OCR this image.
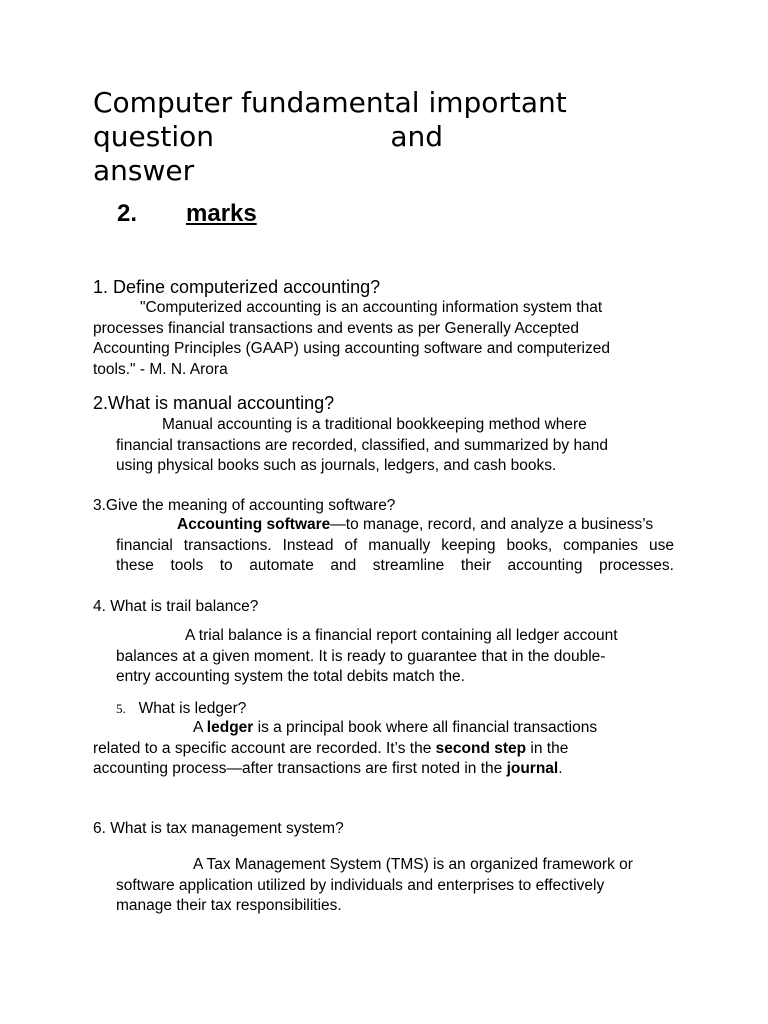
Computer fundamental important
question	and
answer
2. marks
1. Define computerized accounting?
"Computerized accounting is an accounting information system that
processes financial transactions and events as per Generally Accepted
Accounting Principles (GAAP) using accounting software and computerized
tools." - M. N. Arora
2.What is manual accounting?
Manual accounting is a traditional bookkeeping method where
financial transactions are recorded, classified, and summarized by hand
using physical books such as journals, ledgers, and cash books.
3.Give the meaning of accounting software?
Accounting software—to manage, record, and analyze a business’s
financial transactions. Instead of manually keeping books, companies use
these tools to automate and streamline their accounting processes.
4. What is trail balance?
A trial balance is a financial report containing all ledger account
balances at a given moment. It is ready to guarantee that in the double-
entry accounting system the total debits match the.
5. What is ledger?
A ledger is a principal book where all financial transactions
related to a specific account are recorded. It’s the second step in the
accounting process—after transactions are first noted in the journal.
6. What is tax management system?
A Tax Management System (TMS) is an organized framework or
software application utilized by individuals and enterprises to effectively
manage their tax responsibilities.
